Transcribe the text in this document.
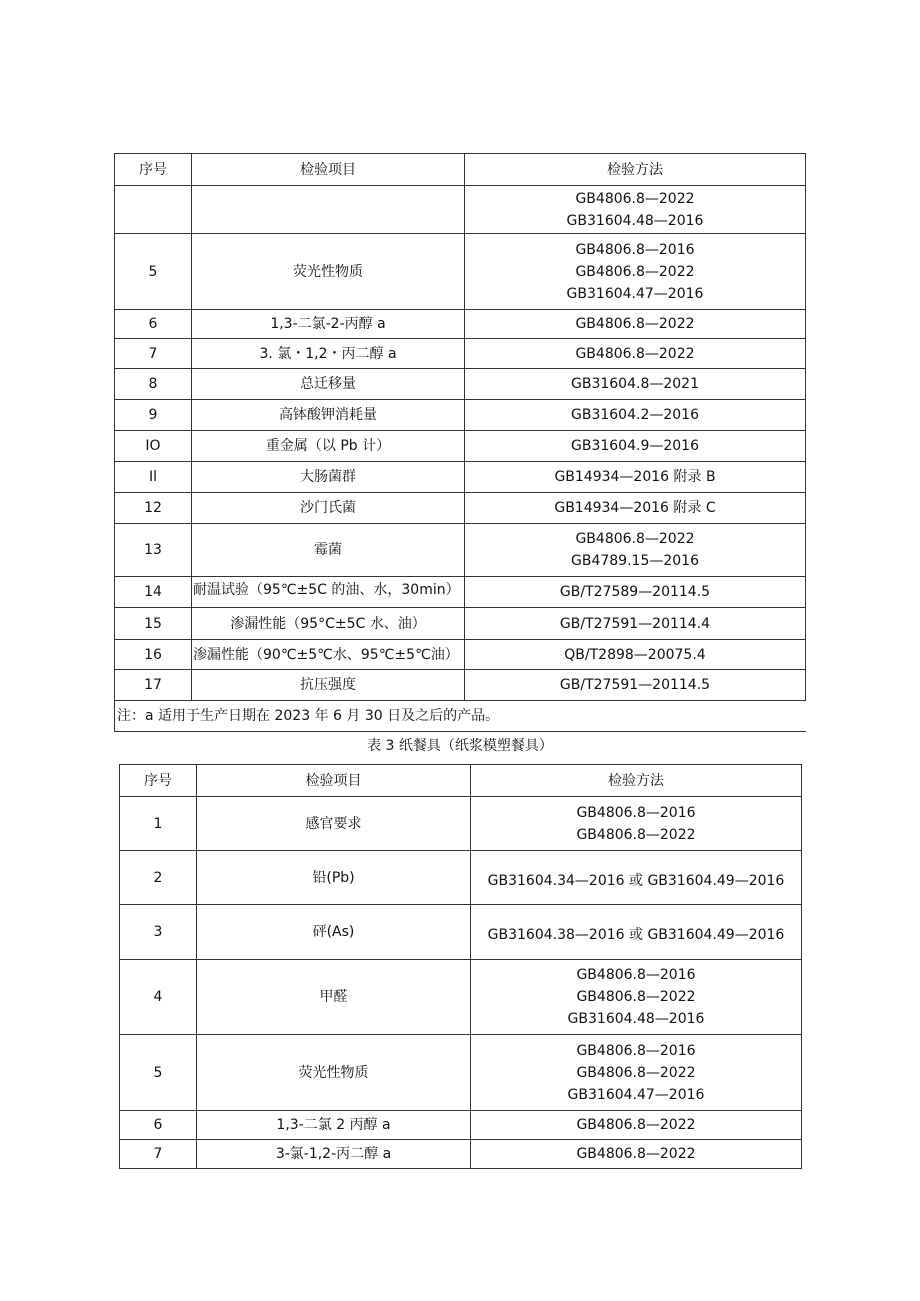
序号	检验项目	检验方法
		GB4806.8—2022
GB31604.48—2016
5	荧光性物质	GB4806.8—2016
GB4806.8—2022
GB31604.47—2016
6	1,3-二氯-2-丙醇 a	GB4806.8—2022
7	3. 氯・1,2・丙二醇 a	GB4806.8—2022
8	总迁移量	GB31604.8—2021
9	高钵酸钾消耗量	GB31604.2—2016
IO	重金属（以 Pb 计）	GB31604.9—2016
Il	大肠菌群	GB14934—2016 附录 B
12	沙门氏菌	GB14934—2016 附录 C
13	霉菌	GB4806.8—2022
GB4789.15—2016
14	耐温试验（95℃±5C 的油、水，30min）	GB/T27589—20114.5
15	渗漏性能（95°C±5C 水、油）	GB/T27591—20114.4
16	渗漏性能（90℃±5℃水、95℃±5℃油）	QB/T2898—20075.4
17	抗压强度	GB/T27591—20114.5
注：a 适用于生产日期在 2023 年 6 月 30 日及之后的产品。		
表 3 纸餐具（纸浆模塑餐具）
序号	检验项目	检验方法
1	感官要求	GB4806.8—2016
GB4806.8—2022
2	铅(Pb)	GB31604.34—2016 或 GB31604.49—2016
3	砰(As)	GB31604.38—2016 或 GB31604.49—2016
4	甲醛	GB4806.8—2016
GB4806.8—2022
GB31604.48—2016
5	荧光性物质	GB4806.8—2016
GB4806.8—2022
GB31604.47—2016
6	1,3-二氯 2 丙醇 a	GB4806.8—2022
7	3-氯-1,2-丙二醇 a	GB4806.8—2022
